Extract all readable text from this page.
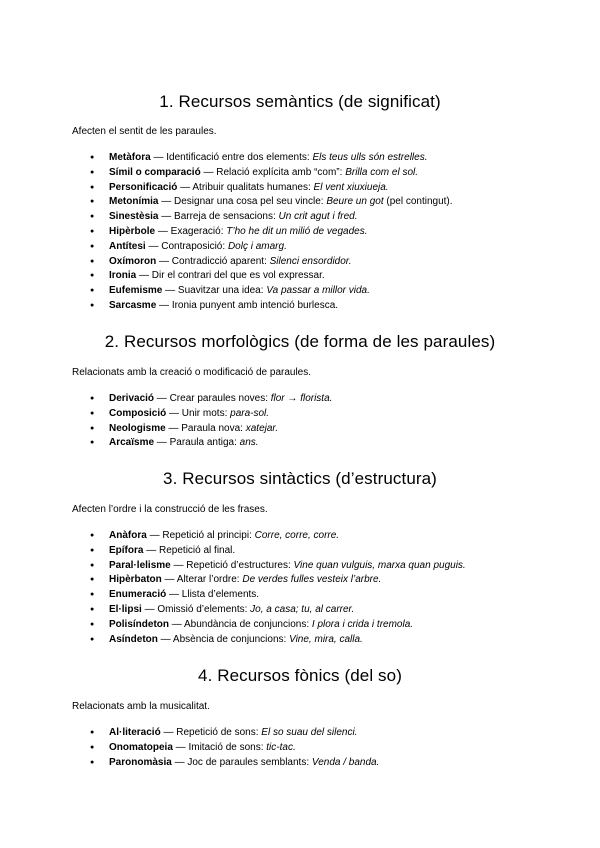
1. Recursos semàntics (de significat)

Afecten el sentit de les paraules.

● Metàfora — Identificació entre dos elements: Els teus ulls són estrelles.
● Símil o comparació — Relació explícita amb “com”: Brilla com el sol.
● Personificació — Atribuir qualitats humanes: El vent xiuxiueja.
● Metonímia — Designar una cosa pel seu vincle: Beure un got (pel contingut).
● Sinestèsia — Barreja de sensacions: Un crit agut i fred.
● Hipèrbole — Exageració: T’ho he dit un milió de vegades.
● Antítesi — Contraposició: Dolç i amarg.
● Oxímoron — Contradicció aparent: Silenci ensordidor.
● Ironia — Dir el contrari del que es vol expressar.
● Eufemisme — Suavitzar una idea: Va passar a millor vida.
● Sarcasme — Ironia punyent amb intenció burlesca.
2. Recursos morfològics (de forma de les paraules)

Relacionats amb la creació o modificació de paraules.

● Derivació — Crear paraules noves: flor → florista.
● Composició — Unir mots: para-sol.
● Neologisme — Paraula nova: xatejar.
● Arcaïsme — Paraula antiga: ans.
3. Recursos sintàctics (d’estructura)

Afecten l’ordre i la construcció de les frases.

● Anàfora — Repetició al principi: Corre, corre, corre.
● Epífora — Repetició al final.
● Paral·lelisme — Repetició d’estructures: Vine quan vulguis, marxa quan puguis.
● Hipèrbaton — Alterar l’ordre: De verdes fulles vesteix l’arbre.
● Enumeració — Llista d’elements.
● El·lipsi — Omissió d’elements: Jo, a casa; tu, al carrer.
● Polisíndeton — Abundància de conjuncions: I plora i crida i tremola.
● Asíndeton — Absència de conjuncions: Vine, mira, calla.
4. Recursos fònics (del so)

Relacionats amb la musicalitat.

● Al·literació — Repetició de sons: El so suau del silenci.
● Onomatopeia — Imitació de sons: tic-tac.
● Paronomàsia — Joc de paraules semblants: Venda / banda.
